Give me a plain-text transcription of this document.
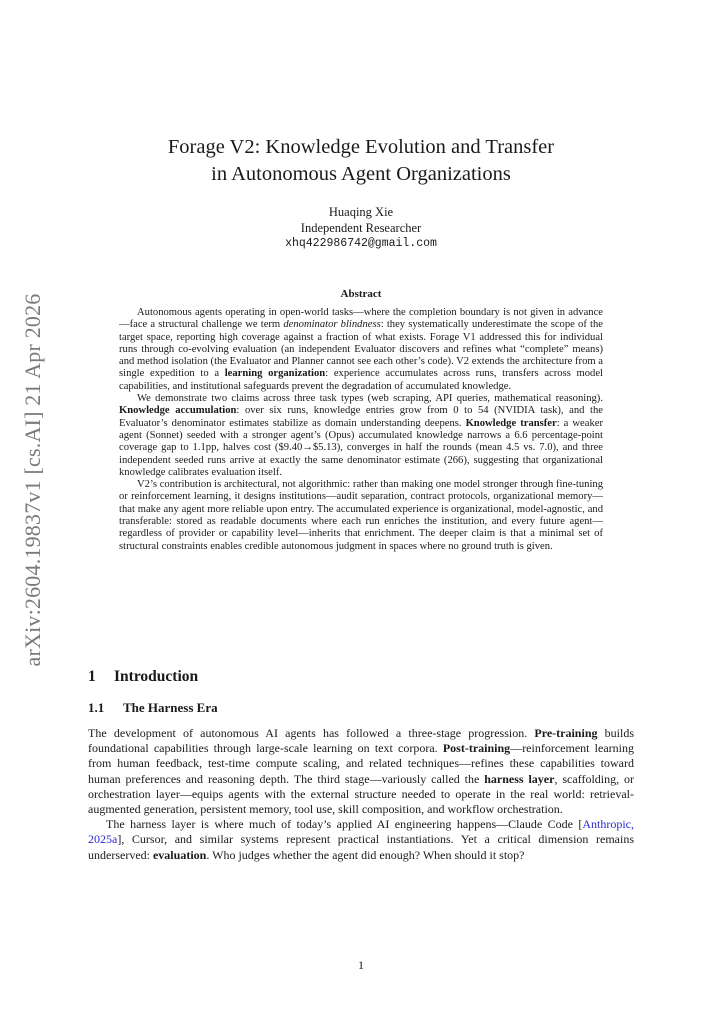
arXiv:2604.19837v1 [cs.AI] 21 Apr 2026
Forage V2: Knowledge Evolution and Transfer
in Autonomous Agent Organizations
Huaqing Xie
Independent Researcher
xhq422986742@gmail.com
Abstract

Autonomous agents operating in open-world tasks—where the completion boundary is not given in advance—face a structural challenge we term denominator blindness: they systematically underestimate the scope of the target space, reporting high coverage against a fraction of what exists. Forage V1 addressed this for individual runs through co-evolving evaluation (an independent Evaluator discovers and refines what “complete” means) and method isolation (the Evaluator and Planner cannot see each other’s code). V2 extends the architecture from a single expedition to a learning organization: experience accumulates across runs, transfers across model capabilities, and institutional safeguards prevent the degradation of accumulated knowledge.

We demonstrate two claims across three task types (web scraping, API queries, mathematical reasoning). Knowledge accumulation: over six runs, knowledge entries grow from 0 to 54 (NVIDIA task), and the Evaluator’s denominator estimates stabilize as domain understanding deepens. Knowledge transfer: a weaker agent (Sonnet) seeded with a stronger agent’s (Opus) accumulated knowledge narrows a 6.6 percentage-point coverage gap to 1.1pp, halves cost ($9.40→$5.13), converges in half the rounds (mean 4.5 vs. 7.0), and three independent seeded runs arrive at exactly the same denominator estimate (266), suggesting that organizational knowledge calibrates evaluation itself.

V2’s contribution is architectural, not algorithmic: rather than making one model stronger through fine-tuning or reinforcement learning, it designs institutions—audit separation, contract protocols, organizational memory—that make any agent more reliable upon entry. The accumulated experience is organizational, model-agnostic, and transferable: stored as readable documents where each run enriches the institution, and every future agent—regardless of provider or capability level—inherits that enrichment. The deeper claim is that a minimal set of structural constraints enables credible autonomous judgment in spaces where no ground truth is given.

1 Introduction
1.1 The Harness Era

The development of autonomous AI agents has followed a three-stage progression. Pre-training builds foundational capabilities through large-scale learning on text corpora. Post-training—reinforcement learning from human feedback, test-time compute scaling, and related techniques—refines these capabilities toward human preferences and reasoning depth. The third stage—variously called the harness layer, scaffolding, or orchestration layer—equips agents with the external structure needed to operate in the real world: retrieval-augmented generation, persistent memory, tool use, skill composition, and workflow orchestration.

The harness layer is where much of today’s applied AI engineering happens—Claude Code [Anthropic, 2025a], Cursor, and similar systems represent practical instantiations. Yet a critical dimension remains underserved: evaluation. Who judges whether the agent did enough? When should it stop?

1
